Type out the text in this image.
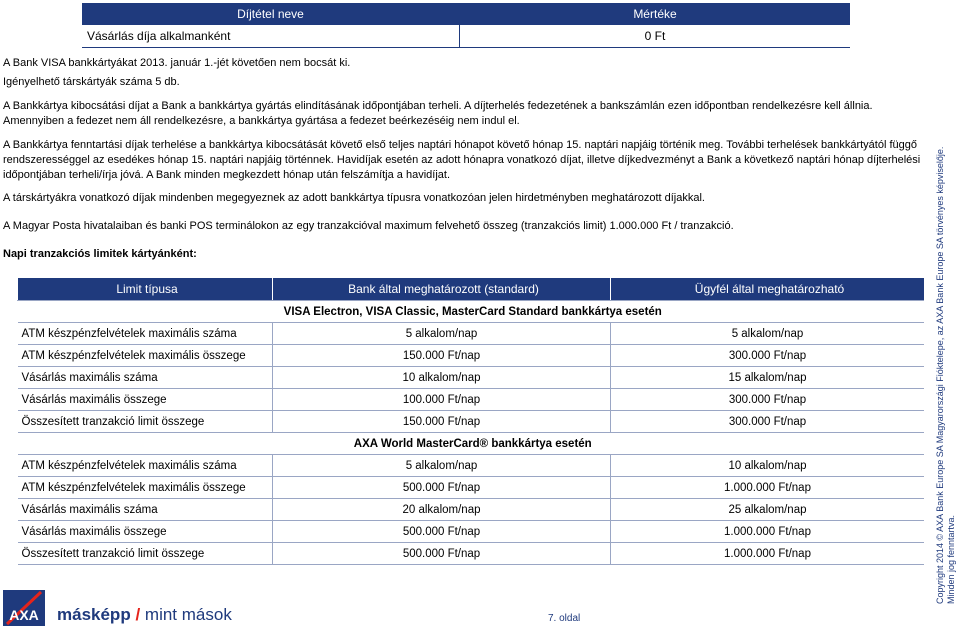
Díjtétel neve	Mértéke
Vásárlás díja alkalmanként	0 Ft
A Bank VISA bankkártyákat 2013. január 1.-jét követően nem bocsát ki.
Igényelhető társkártyák száma 5 db.
A Bankkártya kibocsátási díjat a Bank a bankkártya gyártás elindításának időpontjában terheli. A díjterhelés fedezetének a bankszámlán ezen időpontban rendelkezésre kell állnia. Amennyiben a fedezet nem áll rendelkezésre, a bankkártya gyártása a fedezet beérkezéséig nem indul el.
A Bankkártya fenntartási díjak terhelése a bankkártya kibocsátását követő első teljes naptári hónapot követő hónap 15. naptári napjáig történik meg. További terhelések bankkártyától függő rendszerességgel az esedékes hónap 15. naptári napjáig történnek. Havidíjak esetén az adott hónapra vonatkozó díjat, illetve díjkedvezményt a Bank a következő naptári hónap díjterhelési időpontjában terheli/írja jóvá. A Bank minden megkezdett hónap után felszámítja a havidíjat.
A társkártyákra vonatkozó díjak mindenben megegyeznek az adott bankkártya típusra vonatkozóan jelen hirdetményben meghatározott díjakkal.
A Magyar Posta hivatalaiban és banki POS terminálokon az egy tranzakcióval maximum felvehető összeg (tranzakciós limit) 1.000.000 Ft / tranzakció.
Napi tranzakciós limitek kártyánként:
Limit típusa	Bank által meghatározott (standard)	Ügyfél által meghatározható
VISA Electron, VISA Classic, MasterCard Standard bankkártya esetén		
ATM készpénzfelvételek maximális száma	5 alkalom/nap	5 alkalom/nap
ATM készpénzfelvételek maximális összege	150.000 Ft/nap	300.000 Ft/nap
Vásárlás maximális száma	10 alkalom/nap	15 alkalom/nap
Vásárlás maximális összege	100.000 Ft/nap	300.000 Ft/nap
Összesített tranzakció limit összege	150.000 Ft/nap	300.000 Ft/nap
AXA World MasterCard® bankkártya esetén		
ATM készpénzfelvételek maximális száma	5 alkalom/nap	10 alkalom/nap
ATM készpénzfelvételek maximális összege	500.000 Ft/nap	1.000.000 Ft/nap
Vásárlás maximális száma	20 alkalom/nap	25 alkalom/nap
Vásárlás maximális összege	500.000 Ft/nap	1.000.000 Ft/nap
Összesített tranzakció limit összege	500.000 Ft/nap	1.000.000 Ft/nap
AXA másképp / mint mások	7. oldal
Copyright 2014 © AXA Bank Europe SA Magyarországi Fióktelepe, az AXA Bank Europe SA törvényes képviselője. Minden jog fenntartva.
